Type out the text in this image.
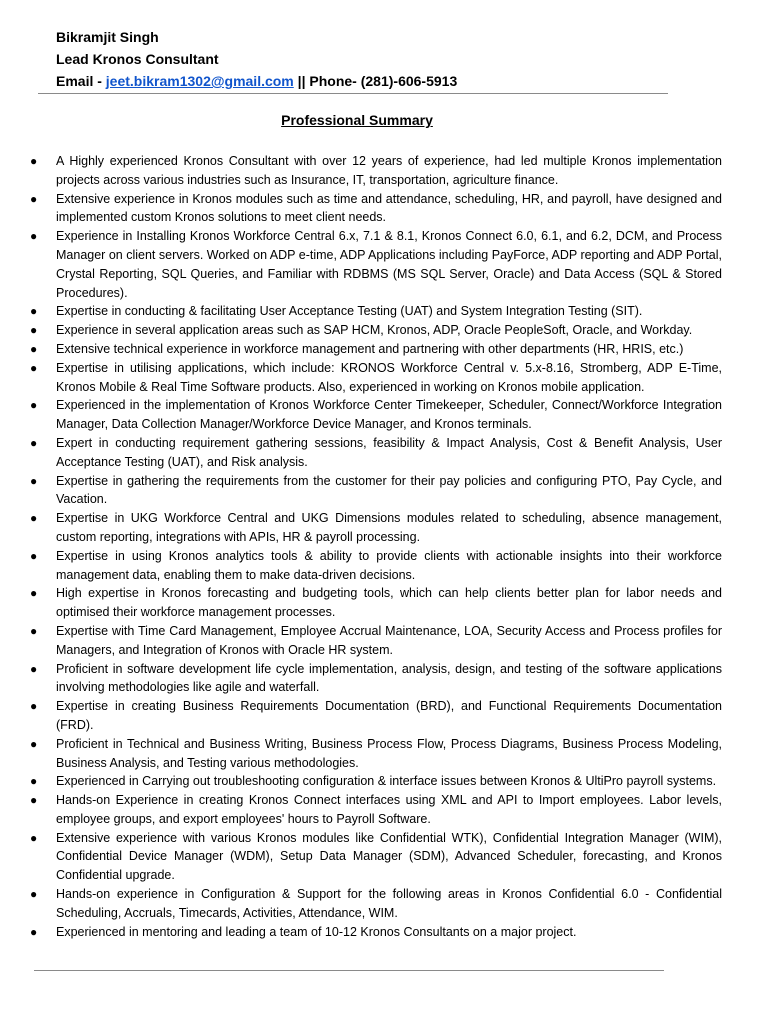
Bikramjit Singh
Lead Kronos Consultant
Email - jeet.bikram1302@gmail.com || Phone- (281)-606-5913
Professional Summary
●	A Highly experienced Kronos Consultant with over 12 years of experience, had led multiple Kronos implementation projects across various industries such as Insurance, IT, transportation, agriculture finance.
●	Extensive experience in Kronos modules such as time and attendance, scheduling, HR, and payroll, have designed and implemented custom Kronos solutions to meet client needs.
●	Experience in Installing Kronos Workforce Central 6.x, 7.1 & 8.1, Kronos Connect 6.0, 6.1, and 6.2, DCM, and Process Manager on client servers. Worked on ADP e-time, ADP Applications including PayForce, ADP reporting and ADP Portal, Crystal Reporting, SQL Queries, and Familiar with RDBMS (MS SQL Server, Oracle) and Data Access (SQL & Stored Procedures).
●	Expertise in conducting & facilitating User Acceptance Testing (UAT) and System Integration Testing (SIT).
●	Experience in several application areas such as SAP HCM, Kronos, ADP, Oracle PeopleSoft, Oracle, and Workday.
●	Extensive technical experience in workforce management and partnering with other departments (HR, HRIS, etc.)
●	Expertise in utilising applications, which include: KRONOS Workforce Central v. 5.x-8.16, Stromberg, ADP E-Time, Kronos Mobile & Real Time Software products. Also, experienced in working on Kronos mobile application.
●	Experienced in the implementation of Kronos Workforce Center Timekeeper, Scheduler, Connect/Workforce Integration Manager, Data Collection Manager/Workforce Device Manager, and Kronos terminals.
●	Expert in conducting requirement gathering sessions, feasibility & Impact Analysis, Cost & Benefit Analysis, User Acceptance Testing (UAT), and Risk analysis.
●	Expertise in gathering the requirements from the customer for their pay policies and configuring PTO, Pay Cycle, and Vacation.
●	Expertise in UKG Workforce Central and UKG Dimensions modules related to scheduling, absence management, custom reporting, integrations with APIs, HR & payroll processing.
●	Expertise in using Kronos analytics tools & ability to provide clients with actionable insights into their workforce management data, enabling them to make data-driven decisions.
●	High expertise in Kronos forecasting and budgeting tools, which can help clients better plan for labor needs and optimised their workforce management processes.
●	Expertise with Time Card Management, Employee Accrual Maintenance, LOA, Security Access and Process profiles for Managers, and Integration of Kronos with Oracle HR system.
●	Proficient in software development life cycle implementation, analysis, design, and testing of the software applications involving methodologies like agile and waterfall.
●	Expertise in creating Business Requirements Documentation (BRD), and Functional Requirements Documentation (FRD).
●	Proficient in Technical and Business Writing, Business Process Flow, Process Diagrams, Business Process Modeling, Business Analysis, and Testing various methodologies.
●	Experienced in Carrying out troubleshooting configuration & interface issues between Kronos & UltiPro payroll systems.
●	Hands-on Experience in creating Kronos Connect interfaces using XML and API to Import employees. Labor levels, employee groups, and export employees' hours to Payroll Software.
●	Extensive experience with various Kronos modules like Confidential WTK), Confidential Integration Manager (WIM), Confidential Device Manager (WDM), Setup Data Manager (SDM), Advanced Scheduler, forecasting, and Kronos Confidential upgrade.
●	Hands-on experience in Configuration & Support for the following areas in Kronos Confidential 6.0 - Confidential Scheduling, Accruals, Timecards, Activities, Attendance, WIM.
●	Experienced in mentoring and leading a team of 10-12 Kronos Consultants on a major project.
